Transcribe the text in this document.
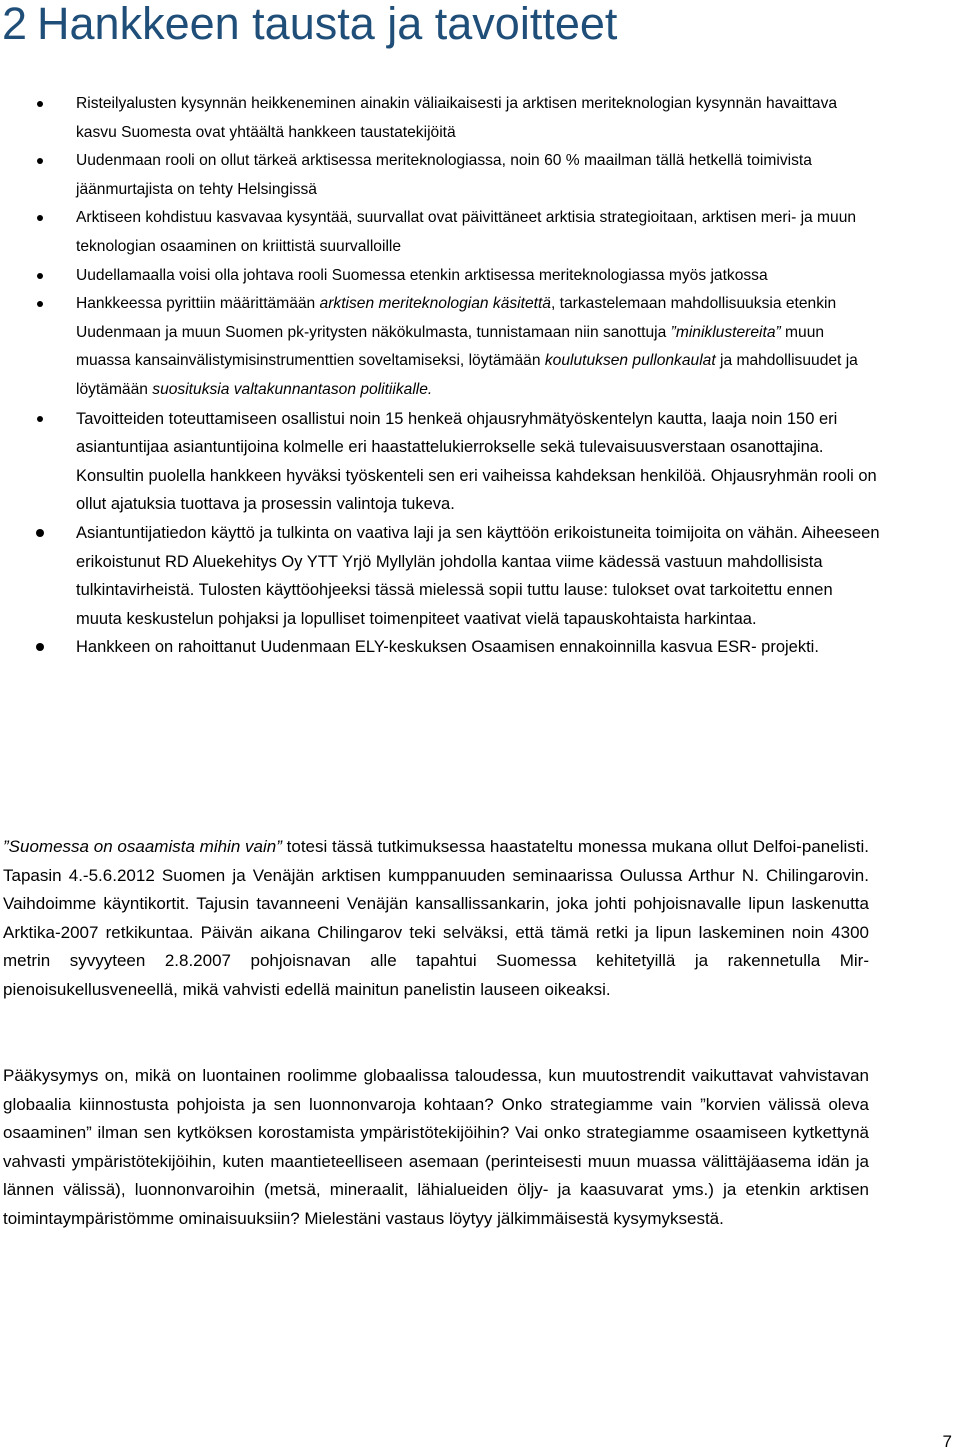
2 Hankkeen tausta ja tavoitteet
Risteilyalusten kysynnän heikkeneminen ainakin väliaikaisesti ja arktisen meriteknologian kysynnän havaittava kasvu Suomesta ovat yhtäältä hankkeen taustatekijöitä
Uudenmaan rooli on ollut tärkeä arktisessa meriteknologiassa, noin 60 % maailman tällä hetkellä toimivista jäänmurtajista on tehty Helsingissä
Arktiseen kohdistuu kasvavaa kysyntää, suurvallat ovat päivittäneet arktisia strategioitaan, arktisen meri- ja muun teknologian osaaminen on kriittistä suurvalloille
Uudellamaalla voisi olla johtava rooli Suomessa etenkin arktisessa meriteknologiassa myös jatkossa
Hankkeessa pyrittiin määrittämään arktisen meriteknologian käsitettä, tarkastelemaan mahdollisuuksia etenkin Uudenmaan ja muun Suomen pk-yritysten näkökulmasta, tunnistamaan niin sanottuja ”miniklustereita” muun muassa kansainvälistymisinstrumenttien soveltamiseksi, löytämään koulutuksen pullonkaulat ja mahdollisuudet ja löytämään suosituksia valtakunnantason politiikalle.
Tavoitteiden toteuttamiseen osallistui noin 15 henkeä ohjausryhmätyöskentelyn kautta, laaja noin 150 eri asiantuntijaa asiantuntijoina kolmelle eri haastattelukierrokselle sekä tulevaisuusverstaan osanottajina. Konsultin puolella hankkeen hyväksi työskenteli sen eri vaiheissa kahdeksan henkilöä. Ohjausryhmän rooli on ollut ajatuksia tuottava ja prosessin valintoja tukeva.
Asiantuntijatiedon käyttö ja tulkinta on vaativa laji ja sen käyttöön erikoistuneita toimijoita on vähän. Aiheeseen erikoistunut RD Aluekehitys Oy YTT Yrjö Myllylän johdolla kantaa viime kädessä vastuun mahdollisista tulkintavirheistä. Tulosten käyttöohjeeksi tässä mielessä sopii tuttu lause: tulokset ovat tarkoitettu ennen muuta keskustelun pohjaksi ja lopulliset toimenpiteet vaativat vielä tapauskohtaista harkintaa.
Hankkeen on rahoittanut Uudenmaan ELY-keskuksen Osaamisen ennakoinnilla kasvua ESR- projekti.

”Suomessa on osaamista mihin vain” totesi tässä tutkimuksessa haastateltu monessa mukana ollut Delfoi-panelisti. Tapasin 4.-5.6.2012 Suomen ja Venäjän arktisen kumppanuuden seminaarissa Oulussa Arthur N. Chilingarovin. Vaihdoimme käyntikortit. Tajusin tavanneeni Venäjän kansallissankarin, joka johti pohjoisnavalle lipun laskenutta Arktika-2007 retkikuntaa. Päivän aikana Chilingarov teki selväksi, että tämä retki ja lipun laskeminen noin 4300 metrin syvyyteen 2.8.2007 pohjoisnavan alle tapahtui Suomessa kehitetyillä ja rakennetulla Mir-pienoisukellusveneellä, mikä vahvisti edellä mainitun panelistin lauseen oikeaksi.

Pääkysymys on, mikä on luontainen roolimme globaalissa taloudessa, kun muutostrendit vaikuttavat vahvistavan globaalia kiinnostusta pohjoista ja sen luonnonvaroja kohtaan? Onko strategiamme vain ”korvien välissä oleva osaaminen” ilman sen kytköksen korostamista ympäristötekijöihin? Vai onko strategiamme osaamiseen kytkettynä vahvasti ympäristötekijöihin, kuten maantieteelliseen asemaan (perinteisesti muun muassa välittäjäasema idän ja lännen välissä), luonnonvaroihin (metsä, mineraalit, lähialueiden öljy- ja kaasuvarat yms.) ja etenkin arktisen toimintaympäristömme ominaisuuksiin? Mielestäni vastaus löytyy jälkimmäisestä kysymyksestä.

7
